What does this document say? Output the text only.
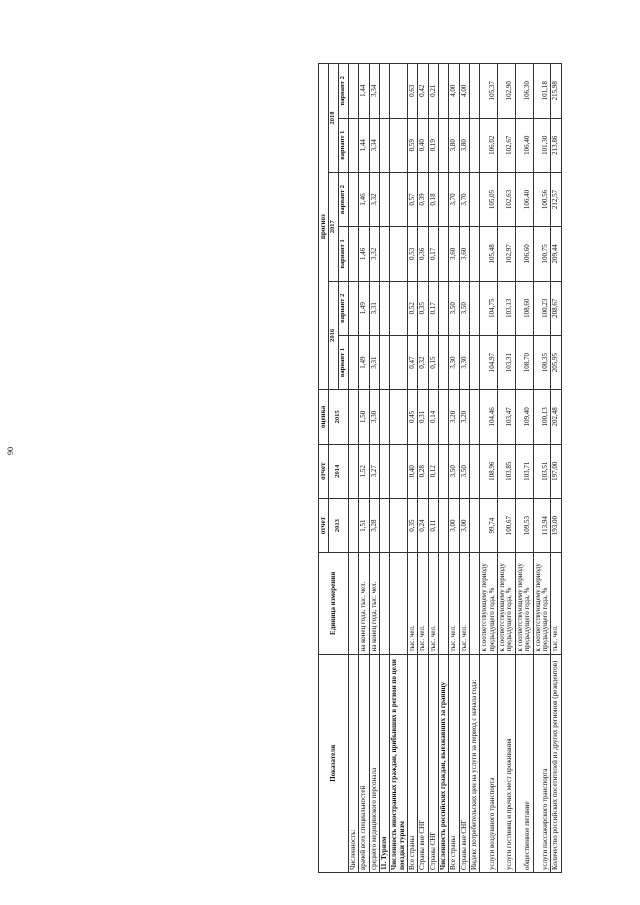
90
Показатели	Единица измерения	отчет	отчет	оценка	прогноз					
		2013	2014	2015	2016		2017		2018	
					вариант 1	вариант 2	вариант 1	вариант 2	вариант 1	вариант 2
Численность:										
врачей всех специальностей	на конец года, тыс. чел.	1,51	1,52	1,50	1,49	1,49	1,46	1,46	1,44	1,44
среднего медицинского персонала	на конец года, тыс. чел.	3,28	3,27	3,30	3,31	3,31	3,32	3,32	3,34	3,34
11. Туризм										
Численность иностранных граждан, прибывших в регион по цели поездки туризм										
Все страны	тыс. чел.	0,35	0,40	0,45	0,47	0,52	0,53	0,57	0,59	0,63
Страны вне СНГ	тыс. чел.	0,24	0,28	0,31	0,32	0,35	0,36	0,39	0,40	0,42
Страны СНГ	тыс. чел.	0,11	0,12	0,14	0,15	0,17	0,17	0,18	0,19	0,21
Численность российских граждан, выезжавших за границу										
Все страны	тыс. чел.	3,00	3,50	3,20	3,30	3,50	3,60	3,70	3,80	4,00
Страны вне СНГ	тыс. чел.	3,00	3,50	3,20	3,30	3,50	3,60	3,70	3,80	4,00
Индекс потребительских цен на услуги за период с начала года:										
услуги воздушного транспорта	к соответствующему периоду предыдущего года, %	99,74	108,96	104,46	104,97	104,75	105,48	105,05	106,02	105,37
услуги гостиниц и прочих мест проживания	к соответствующему периоду предыдущего года, %	100,67	103,85	103,47	103,31	103,13	102,97	102,63	102,67	102,90
общественное питание	к соответствующему периоду предыдущего года, %	109,53	103,71	109,40	108,70	108,60	106,60	106,40	106,40	106,30
услуги пассажирского транспорта	к соответствующему периоду предыдущего года, %	113,94	103,51	100,13	100,35	100,23	100,75	100,56	101,30	101,18
Количество российских посетителей из других регионов (резидентов)	тыс. чел.	193,00	197,00	202,48	205,95	208,67	209,44	212,57	213,86	215,98
